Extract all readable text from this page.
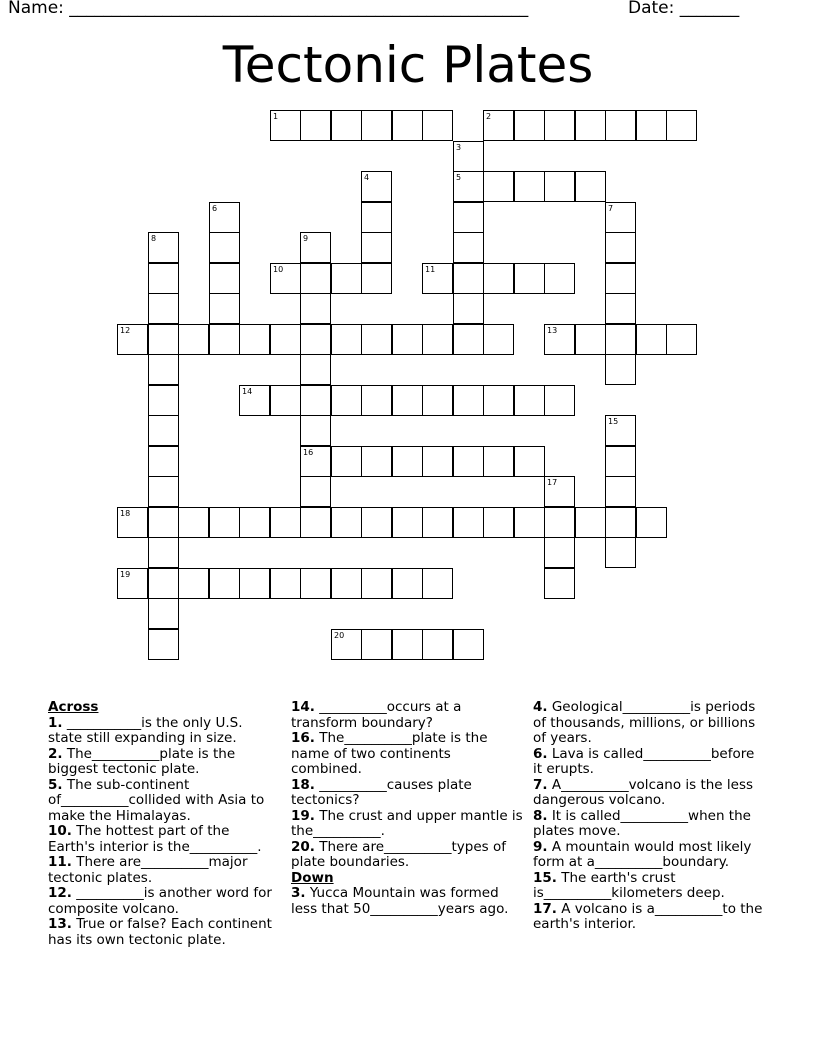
Name: ______________________________________________________	Date: _______
Tectonic Plates
1	2
5
10	11
12	13
14
16
18
19
20
3
4
6	7
8	9
15
17
Across

1. ___________is the only U.S. state still expanding in size.

2. The__________plate is the biggest tectonic plate.

5. The sub-continent of__________collided with Asia to make the Himalayas.

10. The hottest part of the Earth's interior is the__________.

11. There are__________major tectonic plates.

12. __________is another word for composite volcano.

13. True or false? Each continent has its own tectonic plate.

14. __________occurs at a transform boundary?

16. The__________plate is the name of two continents combined.

18. __________causes plate tectonics?

19. The crust and upper mantle is the__________.

20. There are__________types of plate boundaries.

Down

3. Yucca Mountain was formed less that 50__________years ago.

4. Geological__________is periods of thousands, millions, or billions of years.

6. Lava is called__________before it erupts.

7. A__________volcano is the less dangerous volcano.

8. It is called__________when the plates move.

9. A mountain would most likely form at a__________boundary.

15. The earth's crust is__________kilometers deep.

17. A volcano is a__________to the earth's interior.
